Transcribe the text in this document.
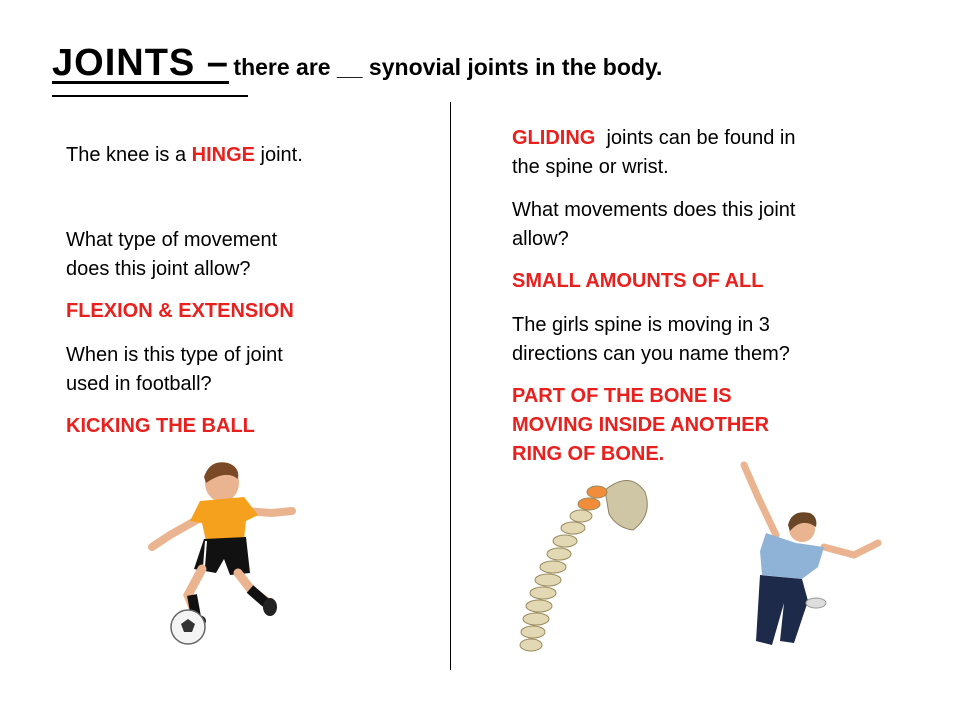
JOINTS – there are __ synovial joints in the body.
The knee is a HINGE joint.
What type of movement
does this joint allow?
FLEXION & EXTENSION
When is this type of joint
used in football?
KICKING THE BALL
GLIDING  joints can be found in
the spine or wrist.
What movements does this joint
allow?
SMALL AMOUNTS OF ALL
The girls spine is moving in 3
directions can you name them?
PART OF THE BONE IS
MOVING INSIDE ANOTHER
RING OF BONE.
